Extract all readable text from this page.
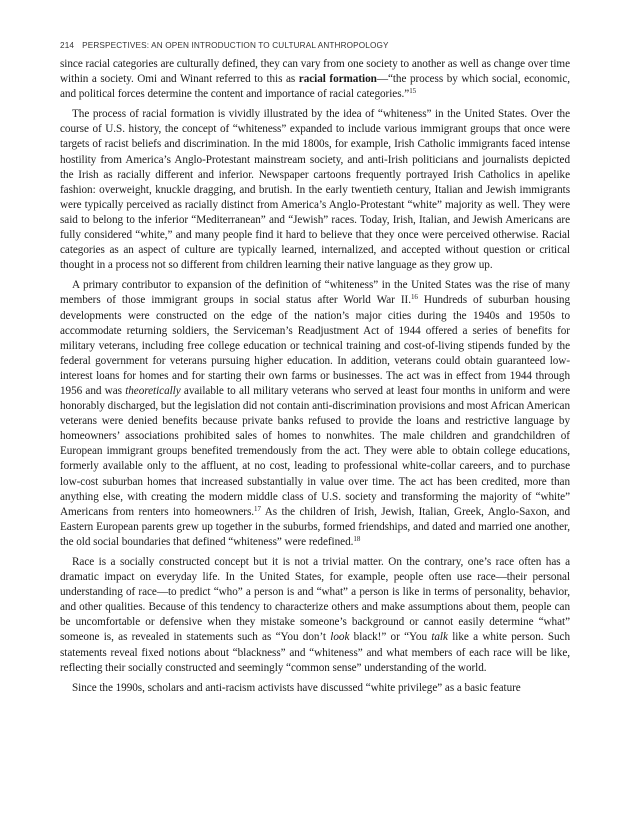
214 PERSPECTIVES: AN OPEN INTRODUCTION TO CULTURAL ANTHROPOLOGY

since racial categories are culturally defined, they can vary from one society to another as well as change over time within a society. Omi and Winant referred to this as racial formation—“the process by which social, economic, and political forces determine the content and importance of racial categories.”$^{15}$

The process of racial formation is vividly illustrated by the idea of “whiteness” in the United States. Over the course of U.S. history, the concept of “whiteness” expanded to include various immigrant groups that once were targets of racist beliefs and discrimination. In the mid 1800s, for example, Irish Catholic immigrants faced intense hostility from America’s Anglo-Protestant mainstream society, and anti-Irish politicians and journalists depicted the Irish as racially different and inferior. Newspaper cartoons frequently portrayed Irish Catholics in apelike fashion: overweight, knuckle dragging, and brutish. In the early twentieth century, Italian and Jewish immigrants were typically perceived as racially distinct from America’s Anglo-Protestant “white” majority as well. They were said to belong to the inferior “Mediterranean” and “Jewish” races. Today, Irish, Italian, and Jewish Americans are fully considered “white,” and many people find it hard to believe that they once were perceived otherwise. Racial categories as an aspect of culture are typically learned, internalized, and accepted without question or critical thought in a process not so different from children learning their native language as they grow up.

A primary contributor to expansion of the definition of “whiteness” in the United States was the rise of many members of those immigrant groups in social status after World War II.$^{16}$ Hundreds of suburban housing developments were constructed on the edge of the nation’s major cities during the 1940s and 1950s to accommodate returning soldiers, the Serviceman’s Readjustment Act of 1944 offered a series of benefits for military veterans, including free college education or technical training and cost-of-living stipends funded by the federal government for veterans pursuing higher education. In addition, veterans could obtain guaranteed low-interest loans for homes and for starting their own farms or businesses. The act was in effect from 1944 through 1956 and was theoretically available to all military veterans who served at least four months in uniform and were honorably discharged, but the legislation did not contain anti-discrimination provisions and most African American veterans were denied benefits because private banks refused to provide the loans and restrictive language by homeowners’ associations prohibited sales of homes to nonwhites. The male children and grandchildren of European immigrant groups benefited tremendously from the act. They were able to obtain college educations, formerly available only to the affluent, at no cost, leading to professional white-collar careers, and to purchase low-cost suburban homes that increased substantially in value over time. The act has been credited, more than anything else, with creating the modern middle class of U.S. society and transforming the majority of “white” Americans from renters into homeowners.$^{17}$ As the children of Irish, Jewish, Italian, Greek, Anglo-Saxon, and Eastern European parents grew up together in the suburbs, formed friendships, and dated and married one another, the old social boundaries that defined “whiteness” were redefined.$^{18}$

Race is a socially constructed concept but it is not a trivial matter. On the contrary, one’s race often has a dramatic impact on everyday life. In the United States, for example, people often use race—their personal understanding of race—to predict “who” a person is and “what” a person is like in terms of personality, behavior, and other qualities. Because of this tendency to characterize others and make assumptions about them, people can be uncomfortable or defensive when they mistake someone’s background or cannot easily determine “what” someone is, as revealed in statements such as “You don’t look black!” or “You talk like a white person. Such statements reveal fixed notions about “blackness” and “whiteness” and what members of each race will be like, reflecting their socially constructed and seemingly “common sense” understanding of the world.

Since the 1990s, scholars and anti-racism activists have discussed “white privilege” as a basic feature
